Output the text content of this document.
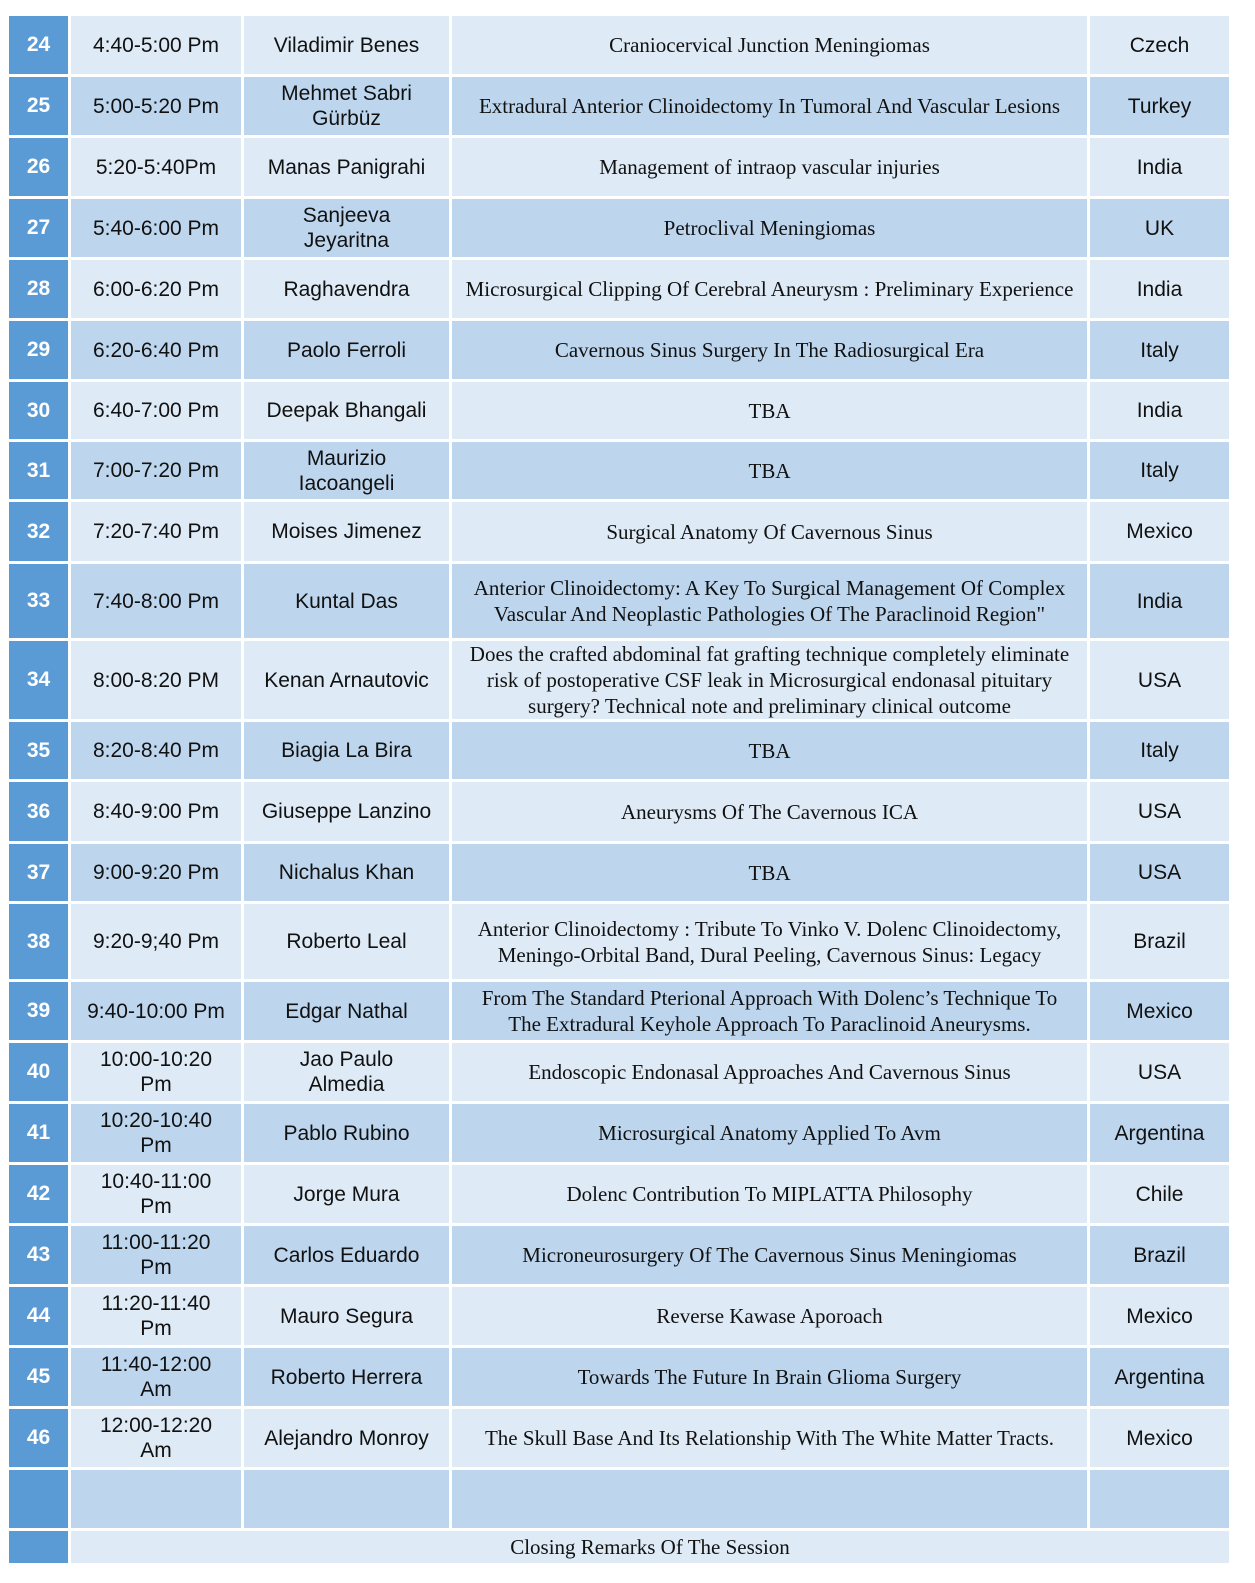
24	4:40-5:00 Pm	Viladimir Benes	Craniocervical Junction Meningiomas	Czech
25	5:00-5:20 Pm	Mehmet Sabri Gürbüz	Extradural Anterior Clinoidectomy In Tumoral And Vascular Lesions	Turkey
26	5:20-5:40Pm	Manas Panigrahi	Management of intraop vascular injuries	India
27	5:40-6:00 Pm	Sanjeeva Jeyaritna	Petroclival Meningiomas	UK
28	6:00-6:20 Pm	Raghavendra	Microsurgical Clipping Of Cerebral Aneurysm : Preliminary Experience	India
29	6:20-6:40 Pm	Paolo Ferroli	Cavernous Sinus Surgery In The Radiosurgical Era	Italy
30	6:40-7:00 Pm	Deepak Bhangali	TBA	India
31	7:00-7:20 Pm	Maurizio Iacoangeli	TBA	Italy
32	7:20-7:40 Pm	Moises Jimenez	Surgical Anatomy Of Cavernous Sinus	Mexico
33	7:40-8:00 Pm	Kuntal Das	Anterior Clinoidectomy: A Key To Surgical Management Of Complex Vascular And Neoplastic Pathologies Of The Paraclinoid Region"	India
34	8:00-8:20 PM	Kenan Arnautovic	Does the crafted abdominal fat grafting technique completely eliminate risk of postoperative CSF leak in Microsurgical endonasal pituitary surgery? Technical note and preliminary clinical outcome	USA
35	8:20-8:40 Pm	Biagia La Bira	TBA	Italy
36	8:40-9:00 Pm	Giuseppe Lanzino	Aneurysms Of The Cavernous ICA	USA
37	9:00-9:20 Pm	Nichalus Khan	TBA	USA
38	9:20-9;40 Pm	Roberto Leal	Anterior Clinoidectomy : Tribute To Vinko V. Dolenc Clinoidectomy, Meningo-Orbital Band, Dural Peeling, Cavernous Sinus: Legacy	Brazil
39	9:40-10:00 Pm	Edgar Nathal	From The Standard Pterional Approach With Dolenc’s Technique To The Extradural Keyhole Approach To Paraclinoid Aneurysms.	Mexico
40	10:00-10:20 Pm	Jao Paulo Almedia	Endoscopic Endonasal Approaches And Cavernous Sinus	USA
41	10:20-10:40 Pm	Pablo Rubino	Microsurgical Anatomy Applied To Avm	Argentina
42	10:40-11:00 Pm	Jorge Mura	Dolenc Contribution To MIPLATTA Philosophy	Chile
43	11:00-11:20 Pm	Carlos Eduardo	Microneurosurgery Of The Cavernous Sinus Meningiomas	Brazil
44	11:20-11:40 Pm	Mauro Segura	Reverse Kawase Aporoach	Mexico
45	11:40-12:00 Am	Roberto Herrera	Towards The Future In Brain Glioma Surgery	Argentina
46	12:00-12:20 Am	Alejandro Monroy	The Skull Base And Its Relationship With The White Matter Tracts.	Mexico

	Closing Remarks Of The Session			
